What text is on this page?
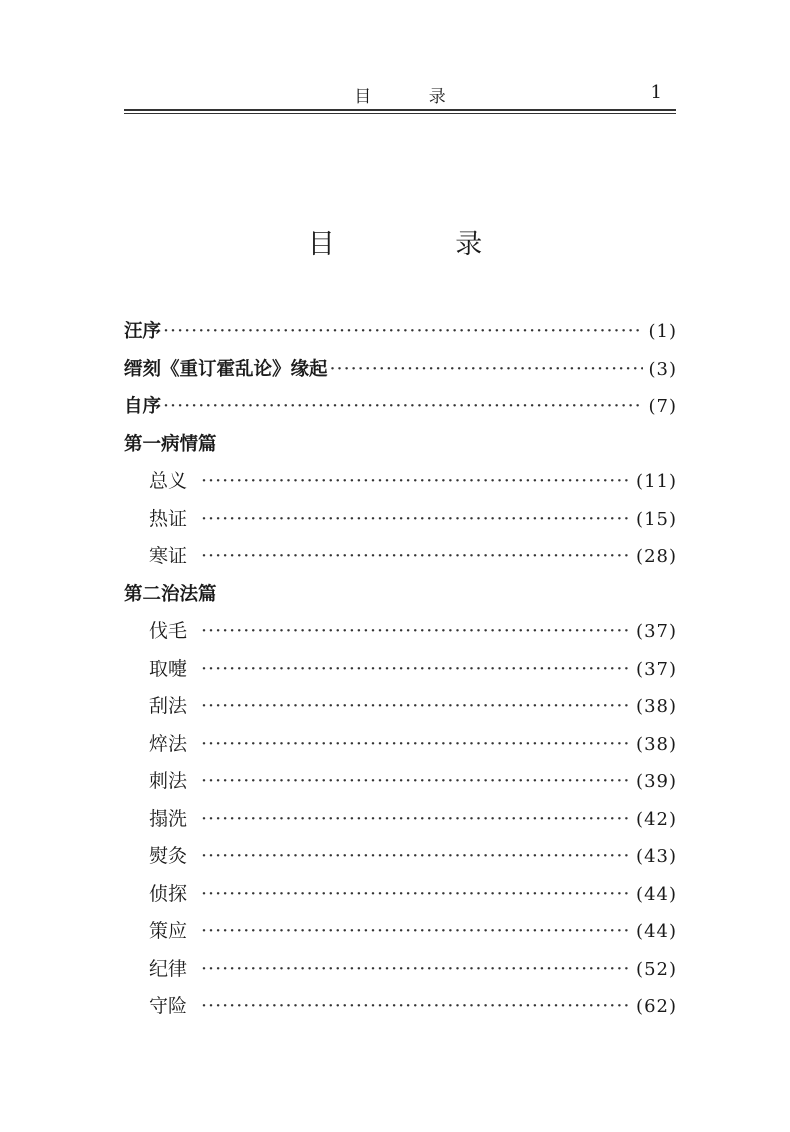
目 录	1
目 录
汪序 ·····	(1)
缙刻《重订霍乱论》缘起 ·····	(3)
自序 ·····	(7)
第一病情篇
总义 ·····	(11)
热证 ·····	(15)
寒证 ·····	(28)
第二治法篇
伐毛 ·····	(37)
取嚏 ·····	(37)
刮法 ·····	(38)
焠法 ·····	(38)
刺法 ·····	(39)
搨洗 ·····	(42)
熨灸 ·····	(43)
侦探 ·····	(44)
策应 ·····	(44)
纪律 ·····	(52)
守险 ·····	(62)
